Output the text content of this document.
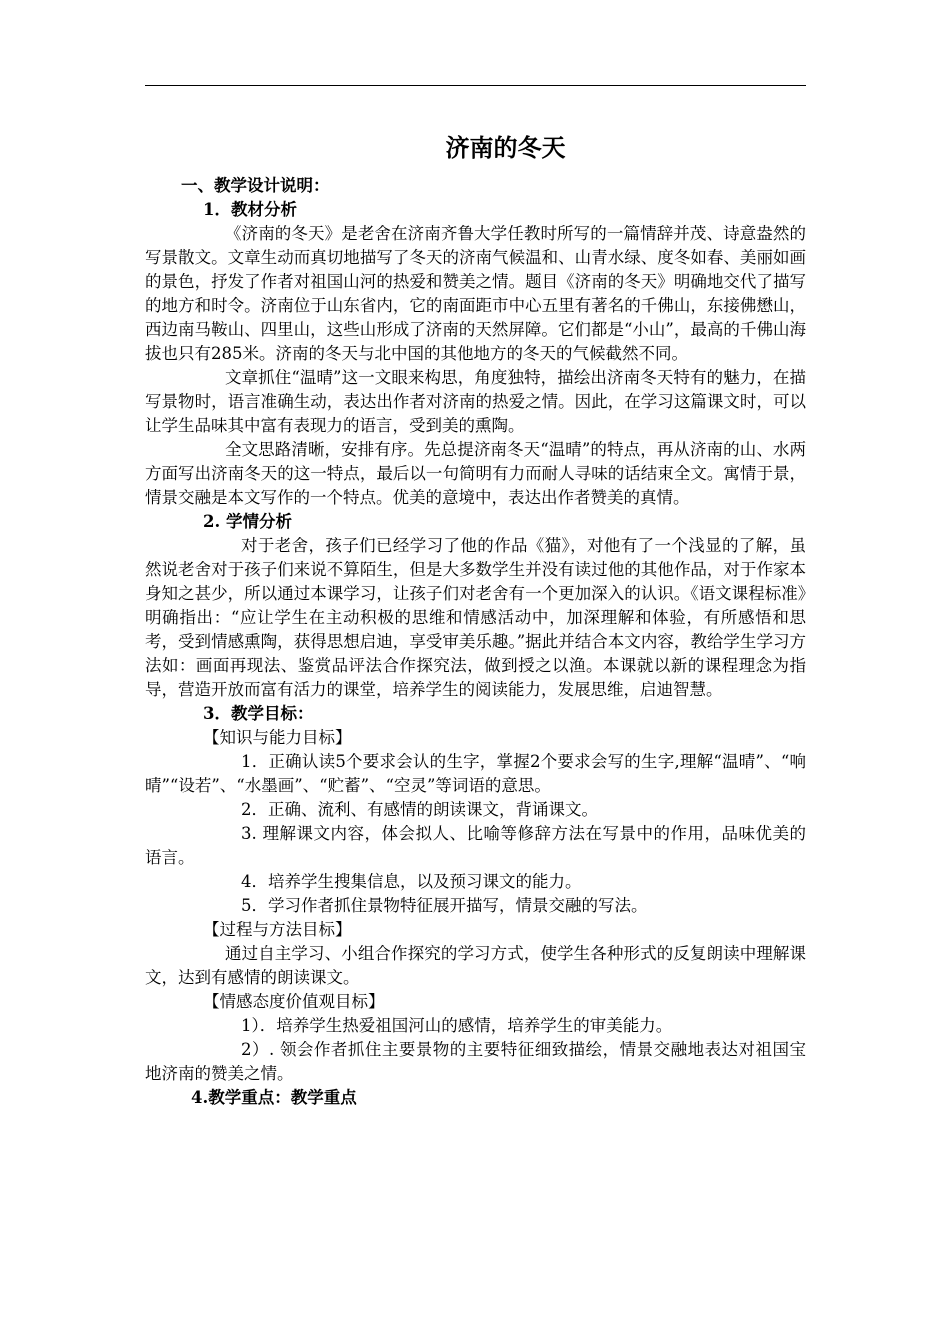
济南的冬天
一、教学设计说明：
1．教材分析
《济南的冬天》是老舍在济南齐鲁大学任教时所写的一篇情辞并茂、诗意盎然的写景散文。文章生动而真切地描写了冬天的济南气候温和、山青水绿、度冬如春、美丽如画的景色，抒发了作者对祖国山河的热爱和赞美之情。题目《济南的冬天》明确地交代了描写的地方和时令。济南位于山东省内，它的南面距市中心五里有著名的千佛山，东接佛懋山，西边南马鞍山、四里山，这些山形成了济南的天然屏障。它们都是“小山”，最高的千佛山海拔也只有285米。济南的冬天与北中国的其他地方的冬天的气候截然不同。
文章抓住“温晴”这一文眼来构思，角度独特，描绘出济南冬天特有的魅力，在描写景物时，语言准确生动，表达出作者对济南的热爱之情。因此，在学习这篇课文时，可以让学生品味其中富有表现力的语言，受到美的熏陶。
全文思路清晰，安排有序。先总提济南冬天“温晴”的特点，再从济南的山、水两方面写出济南冬天的这一特点，最后以一句简明有力而耐人寻味的话结束全文。寓情于景，情景交融是本文写作的一个特点。优美的意境中，表达出作者赞美的真情。
2. 学情分析
对于老舍，孩子们已经学习了他的作品《猫》，对他有了一个浅显的了解，虽然说老舍对于孩子们来说不算陌生，但是大多数学生并没有读过他的其他作品，对于作家本身知之甚少，所以通过本课学习，让孩子们对老舍有一个更加深入的认识。《语文课程标准》明确指出：“应让学生在主动积极的思维和情感活动中，加深理解和体验，有所感悟和思考，受到情感熏陶，获得思想启迪，享受审美乐趣。”据此并结合本文内容，教给学生学习方法如：画面再现法、鉴赏品评法合作探究法，做到授之以渔。本课就以新的课程理念为指导，营造开放而富有活力的课堂，培养学生的阅读能力，发展思维，启迪智慧。
3．教学目标：
【知识与能力目标】
1．正确认读5个要求会认的生字，掌握2个要求会写的生字,理解“温晴”、“响晴”“设若”、“水墨画”、“贮蓄”、“空灵”等词语的意思。
2．正确、流利、有感情的朗读课文，背诵课文。
3. 理解课文内容，体会拟人、比喻等修辞方法在写景中的作用，品味优美的语言。
4．培养学生搜集信息，以及预习课文的能力。
5．学习作者抓住景物特征展开描写，情景交融的写法。
【过程与方法目标】
通过自主学习、小组合作探究的学习方式，使学生各种形式的反复朗读中理解课文，达到有感情的朗读课文。
【情感态度价值观目标】
1）．培养学生热爱祖国河山的感情，培养学生的审美能力。
2）. 领会作者抓住主要景物的主要特征细致描绘，情景交融地表达对祖国宝地济南的赞美之情。
4.教学重点：教学重点
